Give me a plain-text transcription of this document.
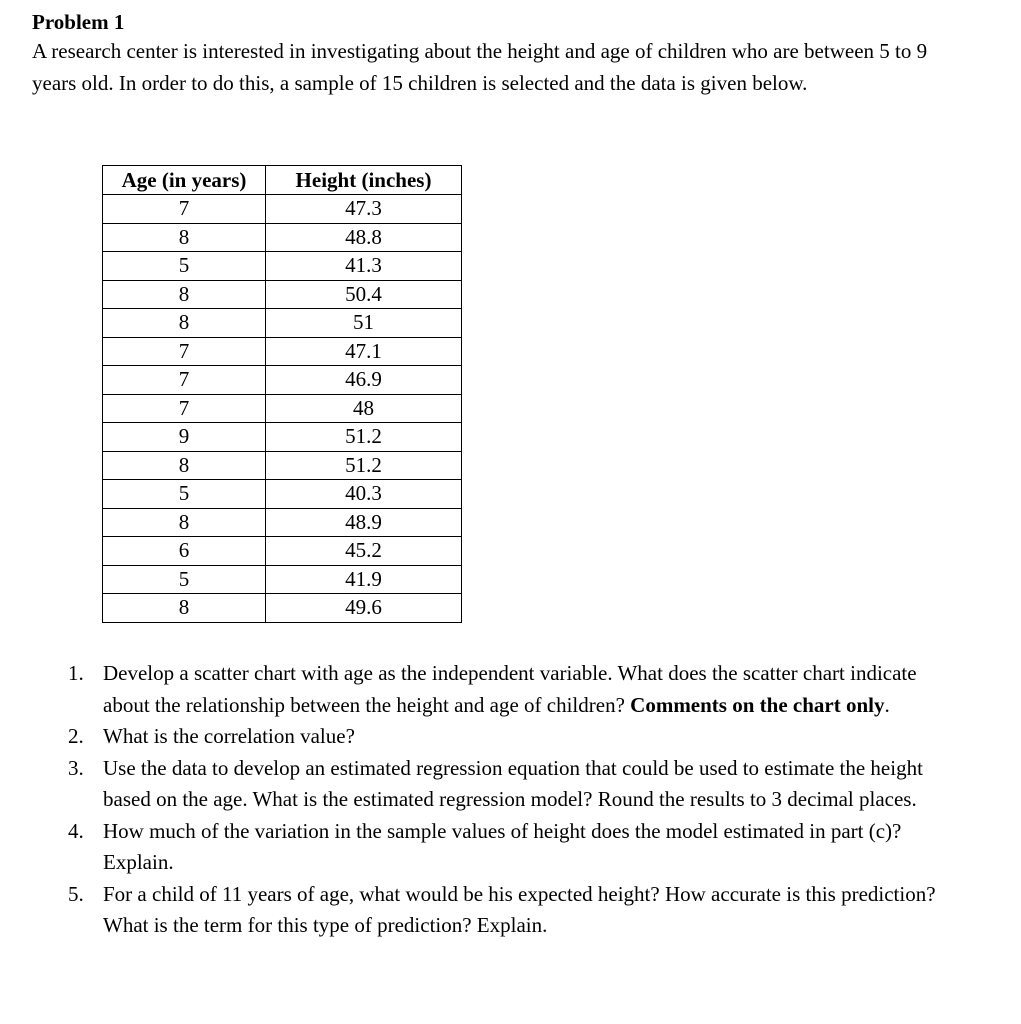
Problem 1

A research center is interested in investigating about the height and age of children who are between 5 to 9 years old. In order to do this, a sample of 15 children is selected and the data is given below.

Age (in years)	Height (inches)
7	47.3
8	48.8
5	41.3
8	50.4
8	51
7	47.1
7	46.9
7	48
9	51.2
8	51.2
5	40.3
8	48.9
6	45.2
5	41.9
8	49.6
1. Develop a scatter chart with age as the independent variable. What does the scatter chart indicate about the relationship between the height and age of children? Comments on the chart only.
2. What is the correlation value?
3. Use the data to develop an estimated regression equation that could be used to estimate the height based on the age. What is the estimated regression model? Round the results to 3 decimal places.
4. How much of the variation in the sample values of height does the model estimated in part (c)? Explain.
5. For a child of 11 years of age, what would be his expected height? How accurate is this prediction? What is the term for this type of prediction? Explain.
